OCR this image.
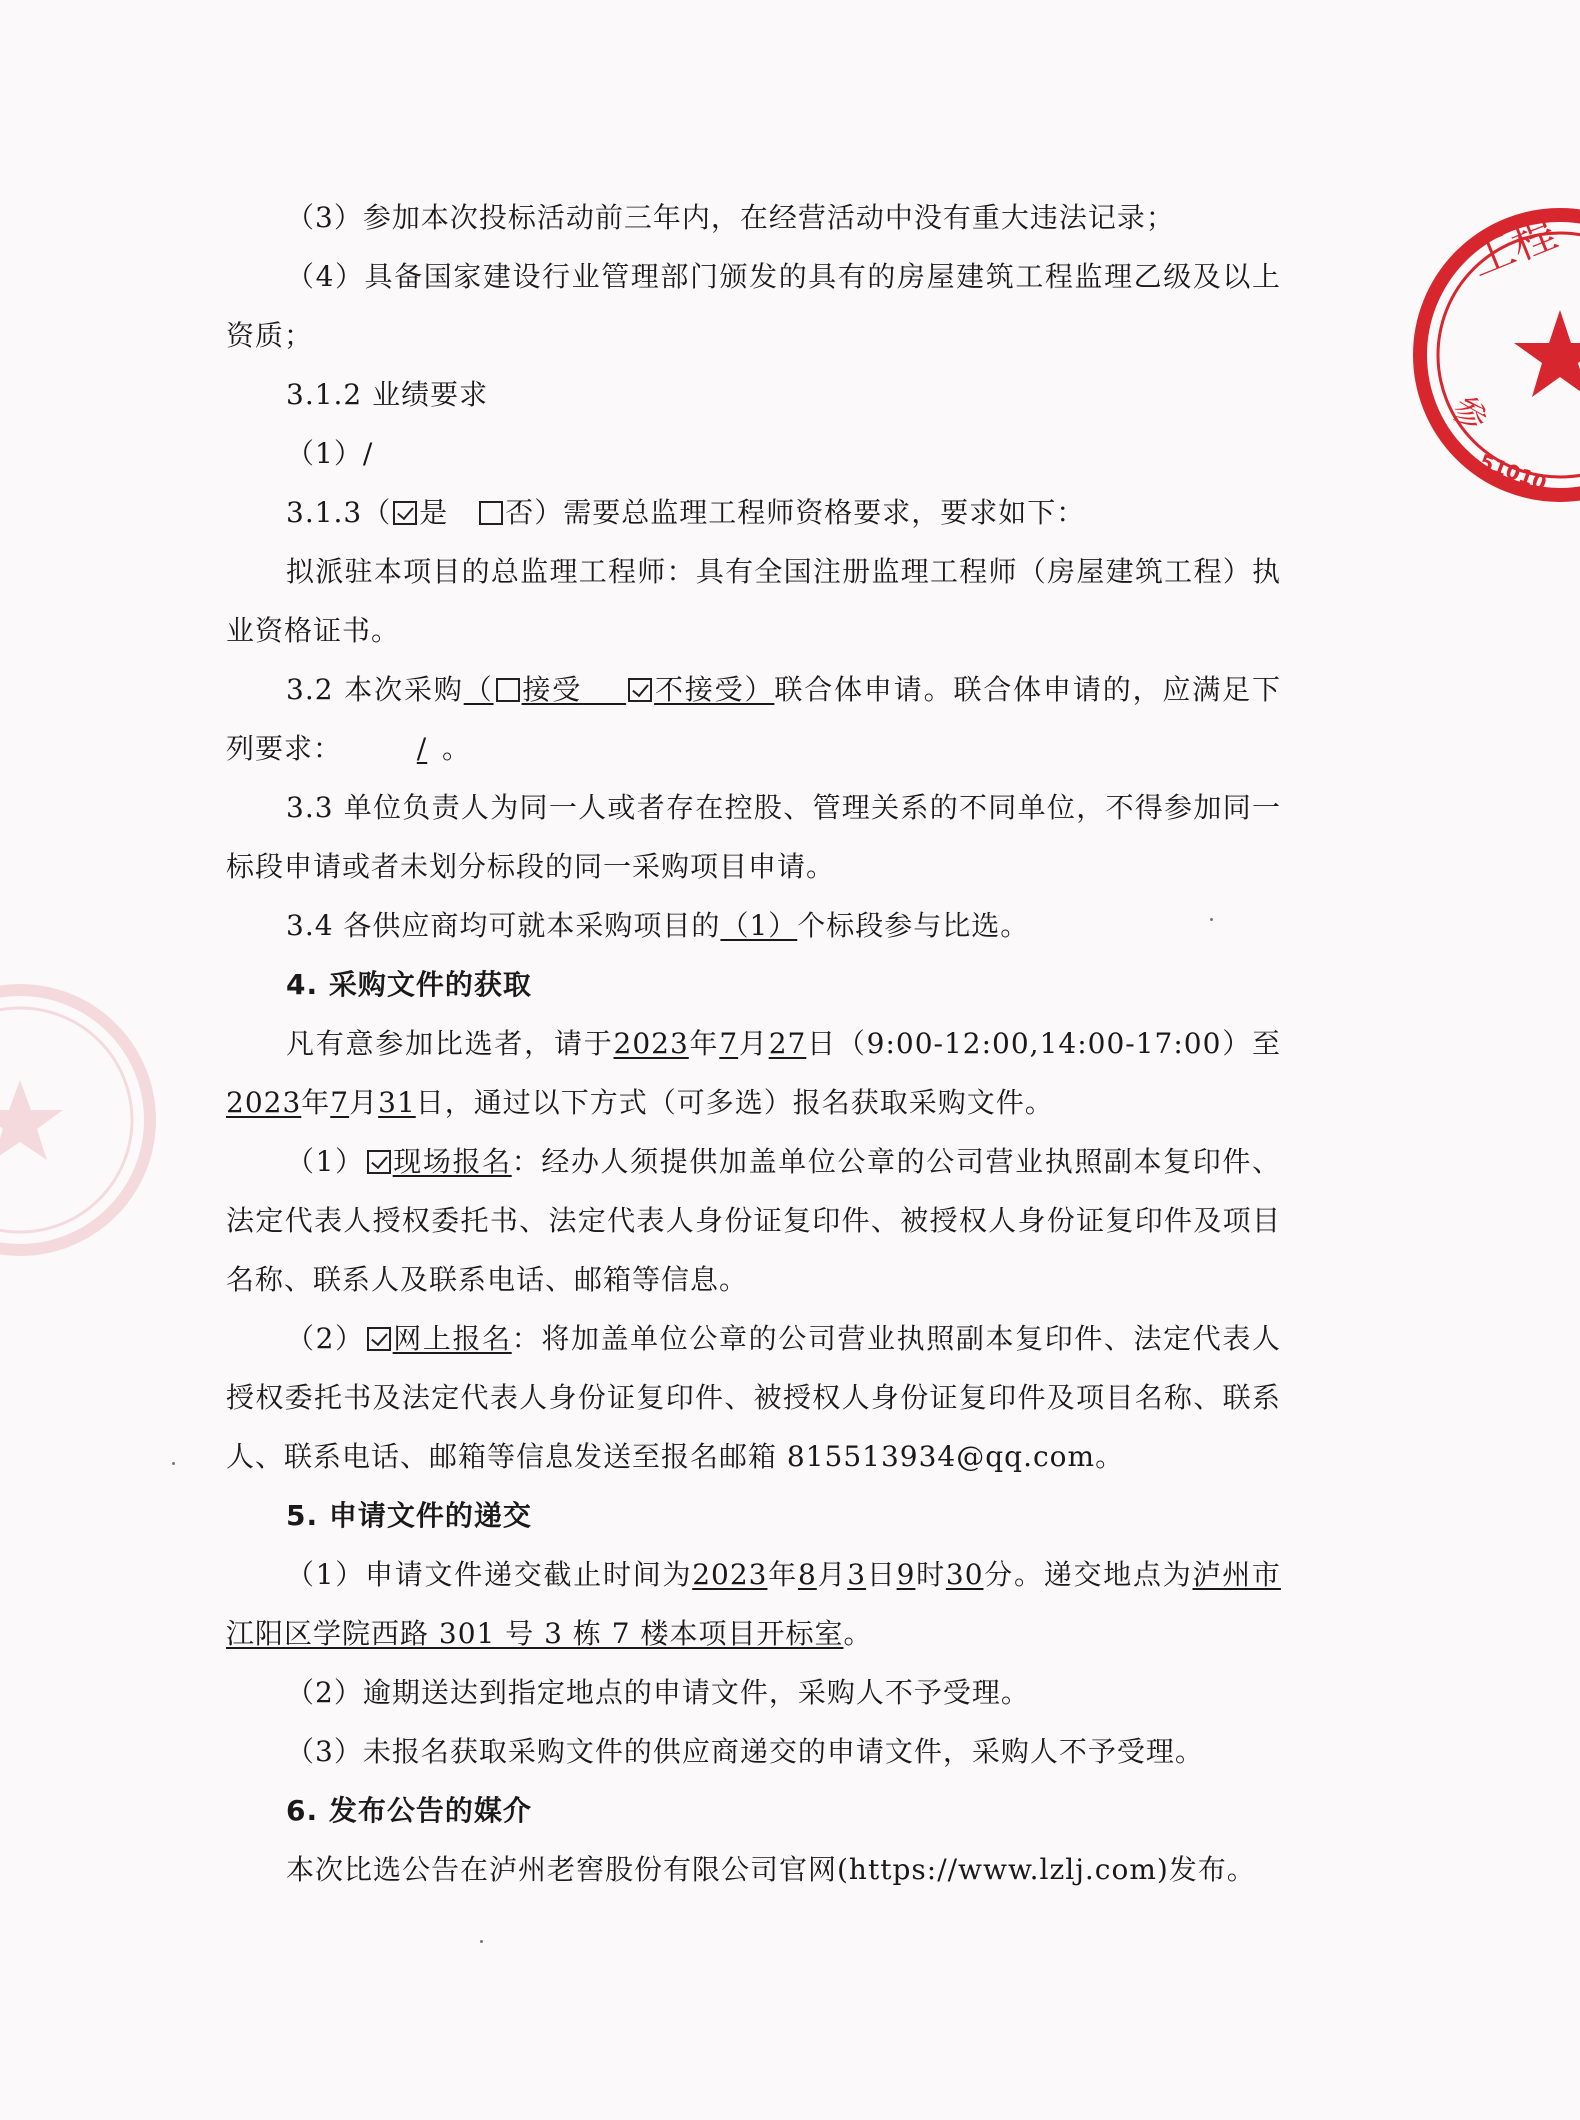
工程
参
51010

（3）参加本次投标活动前三年内，在经营活动中没有重大违法记录；

（4）具备国家建设行业管理部门颁发的具有的房屋建筑工程监理乙级及以上资质；

3.1.2 业绩要求

（1）/

3.1.3（ 是  否）需要总监理工程师资格要求，要求如下：

拟派驻本项目的总监理工程师：具有全国注册监理工程师（房屋建筑工程）执业资格证书。

3.2 本次采购（ 接受  	不接受）联合体申请。联合体申请的，应满足下列要求：	/ 。

3.3 单位负责人为同一人或者存在控股、管理关系的不同单位，不得参加同一标段申请或者未划分标段的同一采购项目申请。

3.4 各供应商均可就本采购项目的（1）个标段参与比选。

4. 采购文件的获取

凡有意参加比选者，请于2023年7月27日（9:00-12:00,14:00-17:00）至2023年7月31日，通过以下方式（可多选）报名获取采购文件。

（1） 现场报名：经办人须提供加盖单位公章的公司营业执照副本复印件、法定代表人授权委托书、法定代表人身份证复印件、被授权人身份证复印件及项目名称、联系人及联系电话、邮箱等信息。

（2） 网上报名：将加盖单位公章的公司营业执照副本复印件、法定代表人授权委托书及法定代表人身份证复印件、被授权人身份证复印件及项目名称、联系人、联系电话、邮箱等信息发送至报名邮箱 815513934@qq.com。

5. 申请文件的递交

（1）申请文件递交截止时间为2023年8月3日9时30分。递交地点为泸州市江阳区学院西路 301 号 3 栋 7 楼本项目开标室。

（2）逾期送达到指定地点的申请文件，采购人不予受理。

（3）未报名获取采购文件的供应商递交的申请文件，采购人不予受理。

6. 发布公告的媒介

本次比选公告在泸州老窖股份有限公司官网(https://www.lzlj.com)发布。
